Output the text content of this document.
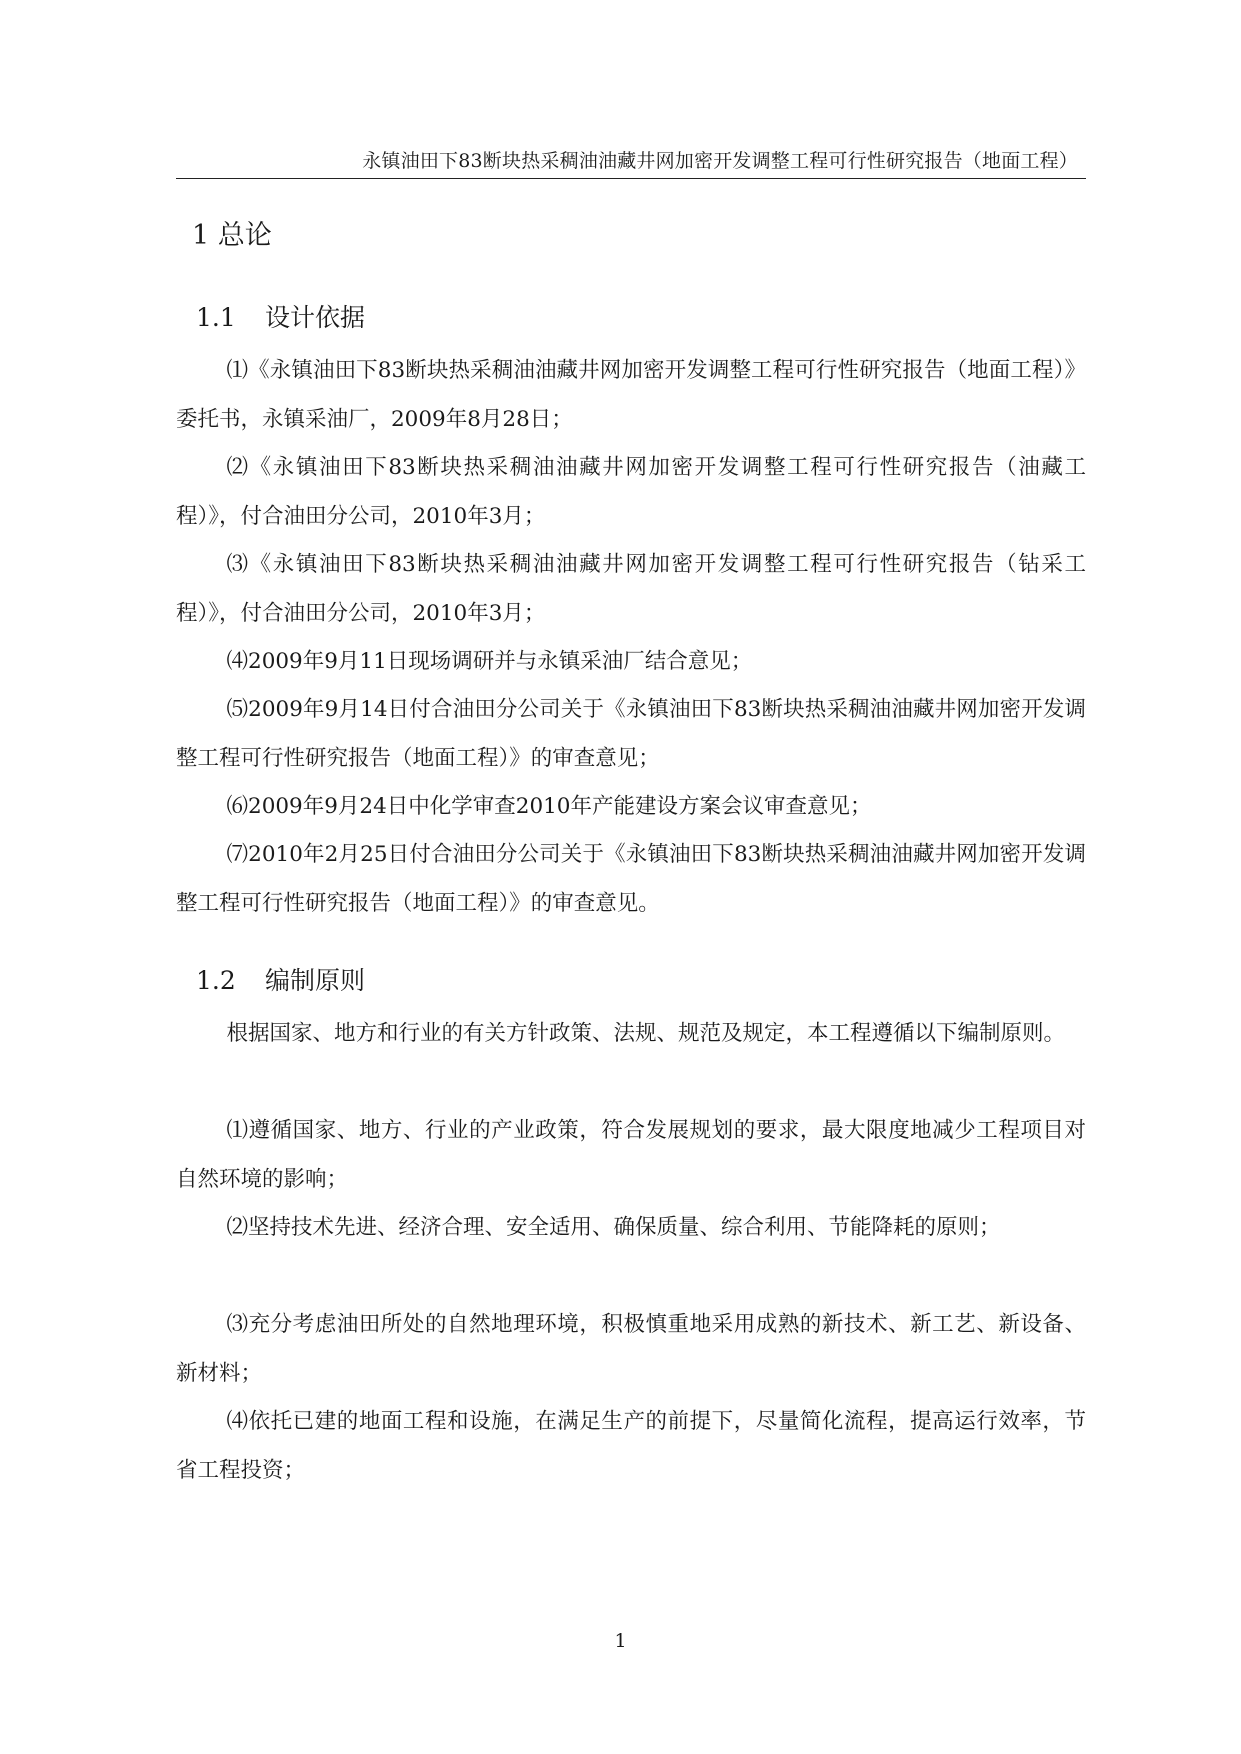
永镇油田下83断块热采稠油油藏井网加密开发调整工程可行性研究报告（地面工程）
1 总论
1.1 设计依据

⑴《永镇油田下83断块热采稠油油藏井网加密开发调整工程可行性研究报告（地面工程）》委托书，永镇采油厂，2009年8月28日；

⑵《永镇油田下83断块热采稠油油藏井网加密开发调整工程可行性研究报告（油藏工程）》，付合油田分公司，2010年3月；

⑶《永镇油田下83断块热采稠油油藏井网加密开发调整工程可行性研究报告（钻采工程）》，付合油田分公司，2010年3月；

⑷2009年9月11日现场调研并与永镇采油厂结合意见；

⑸2009年9月14日付合油田分公司关于《永镇油田下83断块热采稠油油藏井网加密开发调整工程可行性研究报告（地面工程）》的审查意见；

⑹2009年9月24日中化学审查2010年产能建设方案会议审查意见；

⑺2010年2月25日付合油田分公司关于《永镇油田下83断块热采稠油油藏井网加密开发调整工程可行性研究报告（地面工程）》的审查意见。

1.2 编制原则

根据国家、地方和行业的有关方针政策、法规、规范及规定，本工程遵循以下编制原则。

⑴遵循国家、地方、行业的产业政策，符合发展规划的要求，最大限度地减少工程项目对自然环境的影响；

⑵坚持技术先进、经济合理、安全适用、确保质量、综合利用、节能降耗的原则；

⑶充分考虑油田所处的自然地理环境，积极慎重地采用成熟的新技术、新工艺、新设备、新材料；

⑷依托已建的地面工程和设施，在满足生产的前提下，尽量简化流程，提高运行效率，节省工程投资；

1
